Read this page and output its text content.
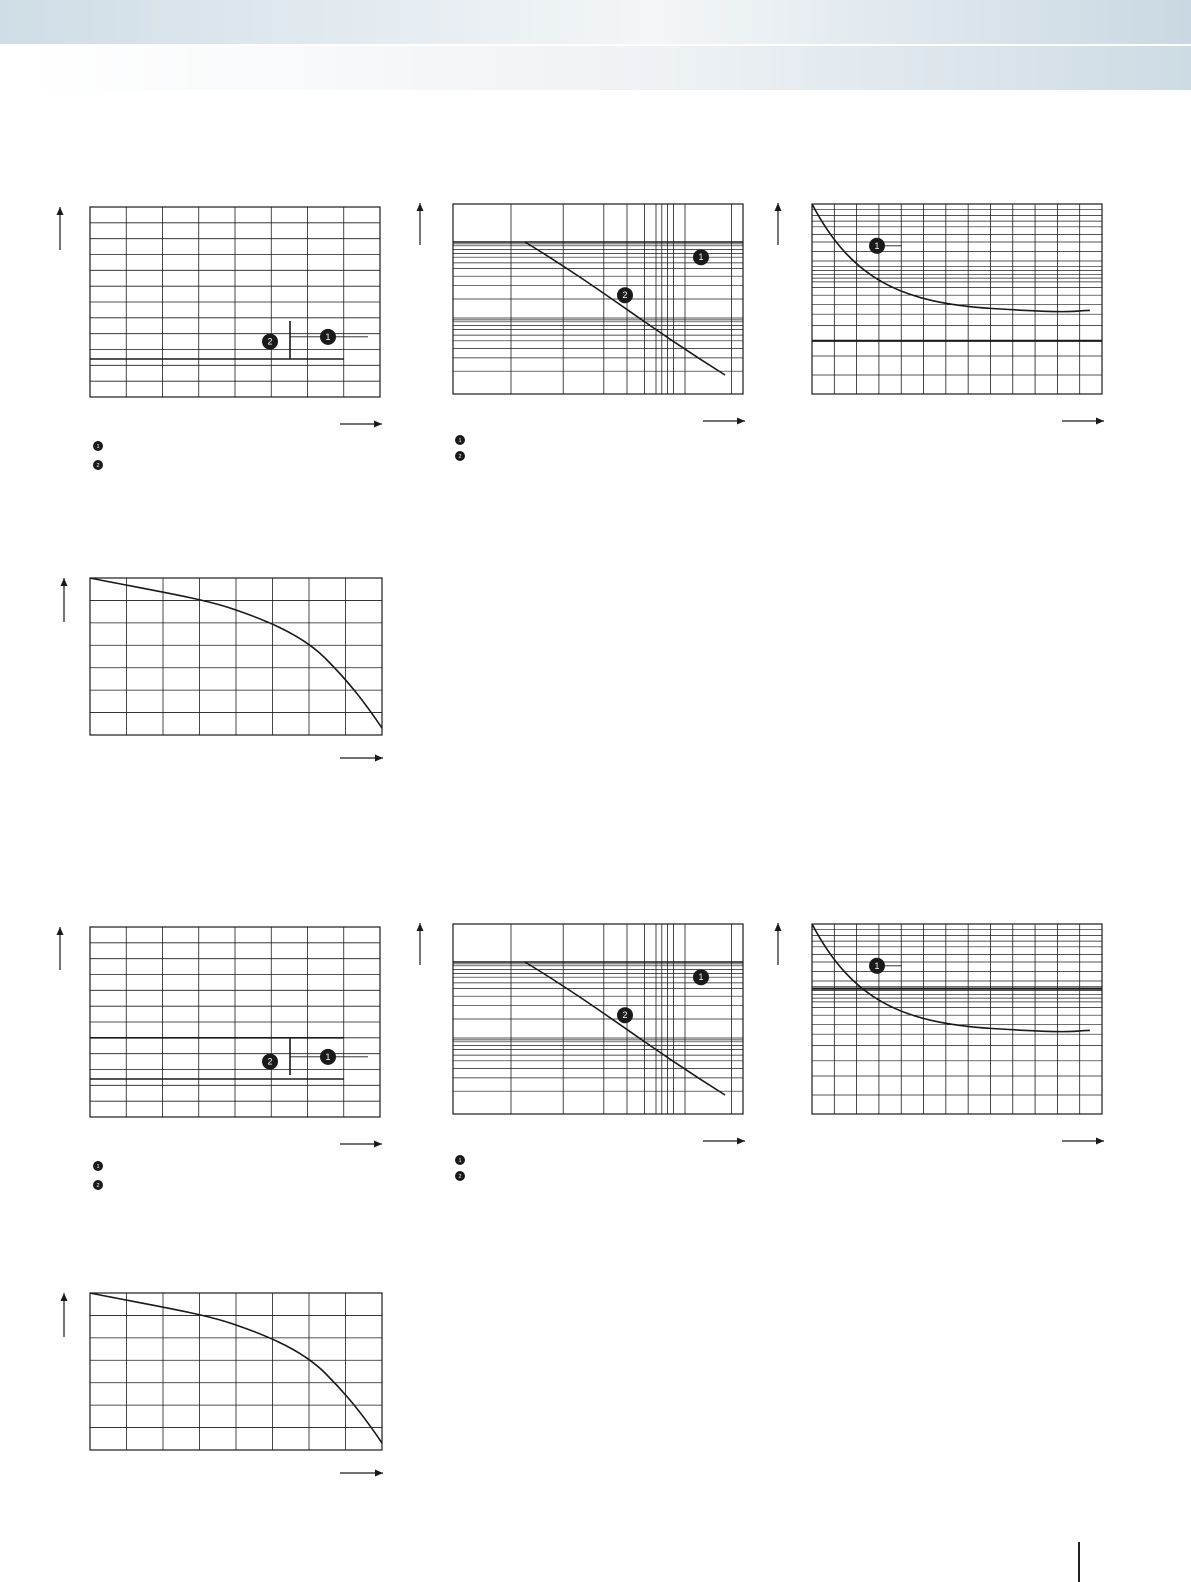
2	1
1
2
1
2
1
2
1
2	1
1
2
1
2
1
2
1
